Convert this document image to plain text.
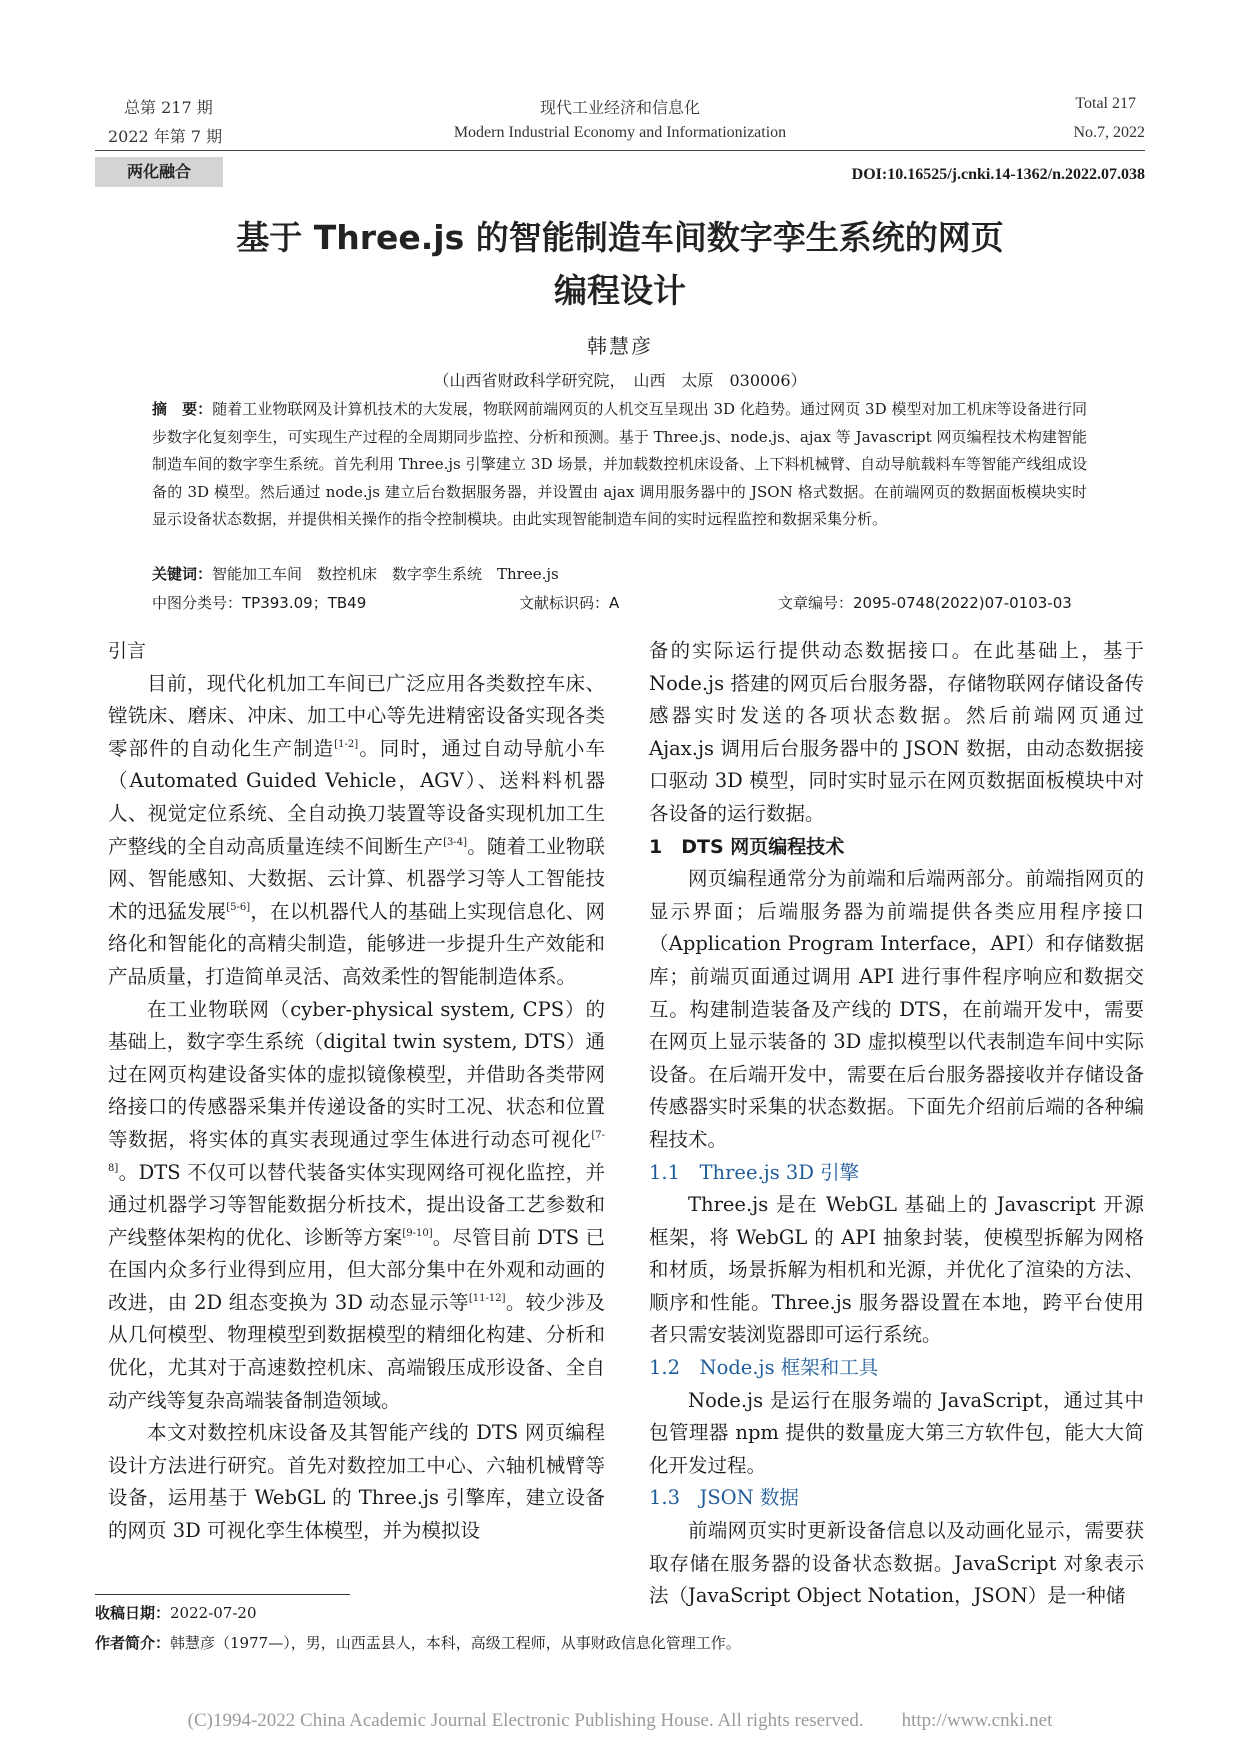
总第 217 期
2022 年第 7 期
现代工业经济和信息化
Modern Industrial Economy and Informationization
Total 217
No.7, 2022
两化融合	DOI:10.16525/j.cnki.14-1362/n.2022.07.038
基于 Three.js 的智能制造车间数字孪生系统的网页
编程设计
韩慧彦
（山西省财政科学研究院，　山西　太原　030006）
摘　要：随着工业物联网及计算机技术的大发展，物联网前端网页的人机交互呈现出 3D 化趋势。通过网页 3D 模型对加工机床等设备进行同步数字化复刻孪生，可实现生产过程的全周期同步监控、分析和预测。基于 Three.js、node.js、ajax 等 Javascript 网页编程技术构建智能制造车间的数字孪生系统。首先利用 Three.js 引擎建立 3D 场景，并加载数控机床设备、上下料机械臂、自动导航载料车等智能产线组成设备的 3D 模型。然后通过 node.js 建立后台数据服务器，并设置由 ajax 调用服务器中的 JSON 格式数据。在前端网页的数据面板模块实时显示设备状态数据，并提供相关操作的指令控制模块。由此实现智能制造车间的实时远程监控和数据采集分析。
关键词：智能加工车间　数控机床　数字孪生系统　Three.js
中图分类号：TP393.09；TB49	文献标识码：A	文章编号：2095-0748(2022)07-0103-03

引言

目前，现代化机加工车间已广泛应用各类数控车床、镗铣床、磨床、冲床、加工中心等先进精密设备实现各类零部件的自动化生产制造[1-2]。同时，通过自动导航小车（Automated Guided Vehicle，AGV）、送料料机器人、视觉定位系统、全自动换刀装置等设备实现机加工生产整线的全自动高质量连续不间断生产[3-4]。随着工业物联网、智能感知、大数据、云计算、机器学习等人工智能技术的迅猛发展[5-6]，在以机器代人的基础上实现信息化、网络化和智能化的高精尖制造，能够进一步提升生产效能和产品质量，打造简单灵活、高效柔性的智能制造体系。

在工业物联网（cyber-physical system, CPS）的基础上，数字孪生系统（digital twin system, DTS）通过在网页构建设备实体的虚拟镜像模型，并借助各类带网络接口的传感器采集并传递设备的实时工况、状态和位置等数据，将实体的真实表现通过孪生体进行动态可视化[7-8]。DTS 不仅可以替代装备实体实现网络可视化监控，并通过机器学习等智能数据分析技术，提出设备工艺参数和产线整体架构的优化、诊断等方案[9-10]。尽管目前 DTS 已在国内众多行业得到应用，但大部分集中在外观和动画的改进，由 2D 组态变换为 3D 动态显示等[11-12]。较少涉及从几何模型、物理模型到数据模型的精细化构建、分析和优化，尤其对于高速数控机床、高端锻压成形设备、全自动产线等复杂高端装备制造领域。

本文对数控机床设备及其智能产线的 DTS 网页编程设计方法进行研究。首先对数控加工中心、六轴机械臂等设备，运用基于 WebGL 的 Three.js 引擎库，建立设备的网页 3D 可视化孪生体模型，并为模拟设

备的实际运行提供动态数据接口。在此基础上，基于 Node.js 搭建的网页后台服务器，存储物联网存储设备传感器实时发送的各项状态数据。然后前端网页通过 Ajax.js 调用后台服务器中的 JSON 数据，由动态数据接口驱动 3D 模型，同时实时显示在网页数据面板模块中对各设备的运行数据。

1　DTS 网页编程技术

网页编程通常分为前端和后端两部分。前端指网页的显示界面；后端服务器为前端提供各类应用程序接口（Application Program Interface，API）和存储数据库；前端页面通过调用 API 进行事件程序响应和数据交互。构建制造装备及产线的 DTS，在前端开发中，需要在网页上显示装备的 3D 虚拟模型以代表制造车间中实际设备。在后端开发中，需要在后台服务器接收并存储设备传感器实时采集的状态数据。下面先介绍前后端的各种编程技术。

1.1　Three.js 3D 引擎

Three.js 是在 WebGL 基础上的 Javascript 开源框架，将 WebGL 的 API 抽象封装，使模型拆解为网格和材质，场景拆解为相机和光源，并优化了渲染的方法、顺序和性能。Three.js 服务器设置在本地，跨平台使用者只需安装浏览器即可运行系统。

1.2　Node.js 框架和工具

Node.js 是运行在服务端的 JavaScript，通过其中包管理器 npm 提供的数量庞大第三方软件包，能大大简化开发过程。

1.3　JSON 数据

前端网页实时更新设备信息以及动画化显示，需要获取存储在服务器的设备状态数据。JavaScript 对象表示法（JavaScript Object Notation，JSON）是一种储

收稿日期：2022-07-20
作者简介：韩慧彦（1977—），男，山西盂县人，本科，高级工程师，从事财政信息化管理工作。
(C)1994-2022 China Academic Journal Electronic Publishing House. All rights reserved.　　http://www.cnki.net
